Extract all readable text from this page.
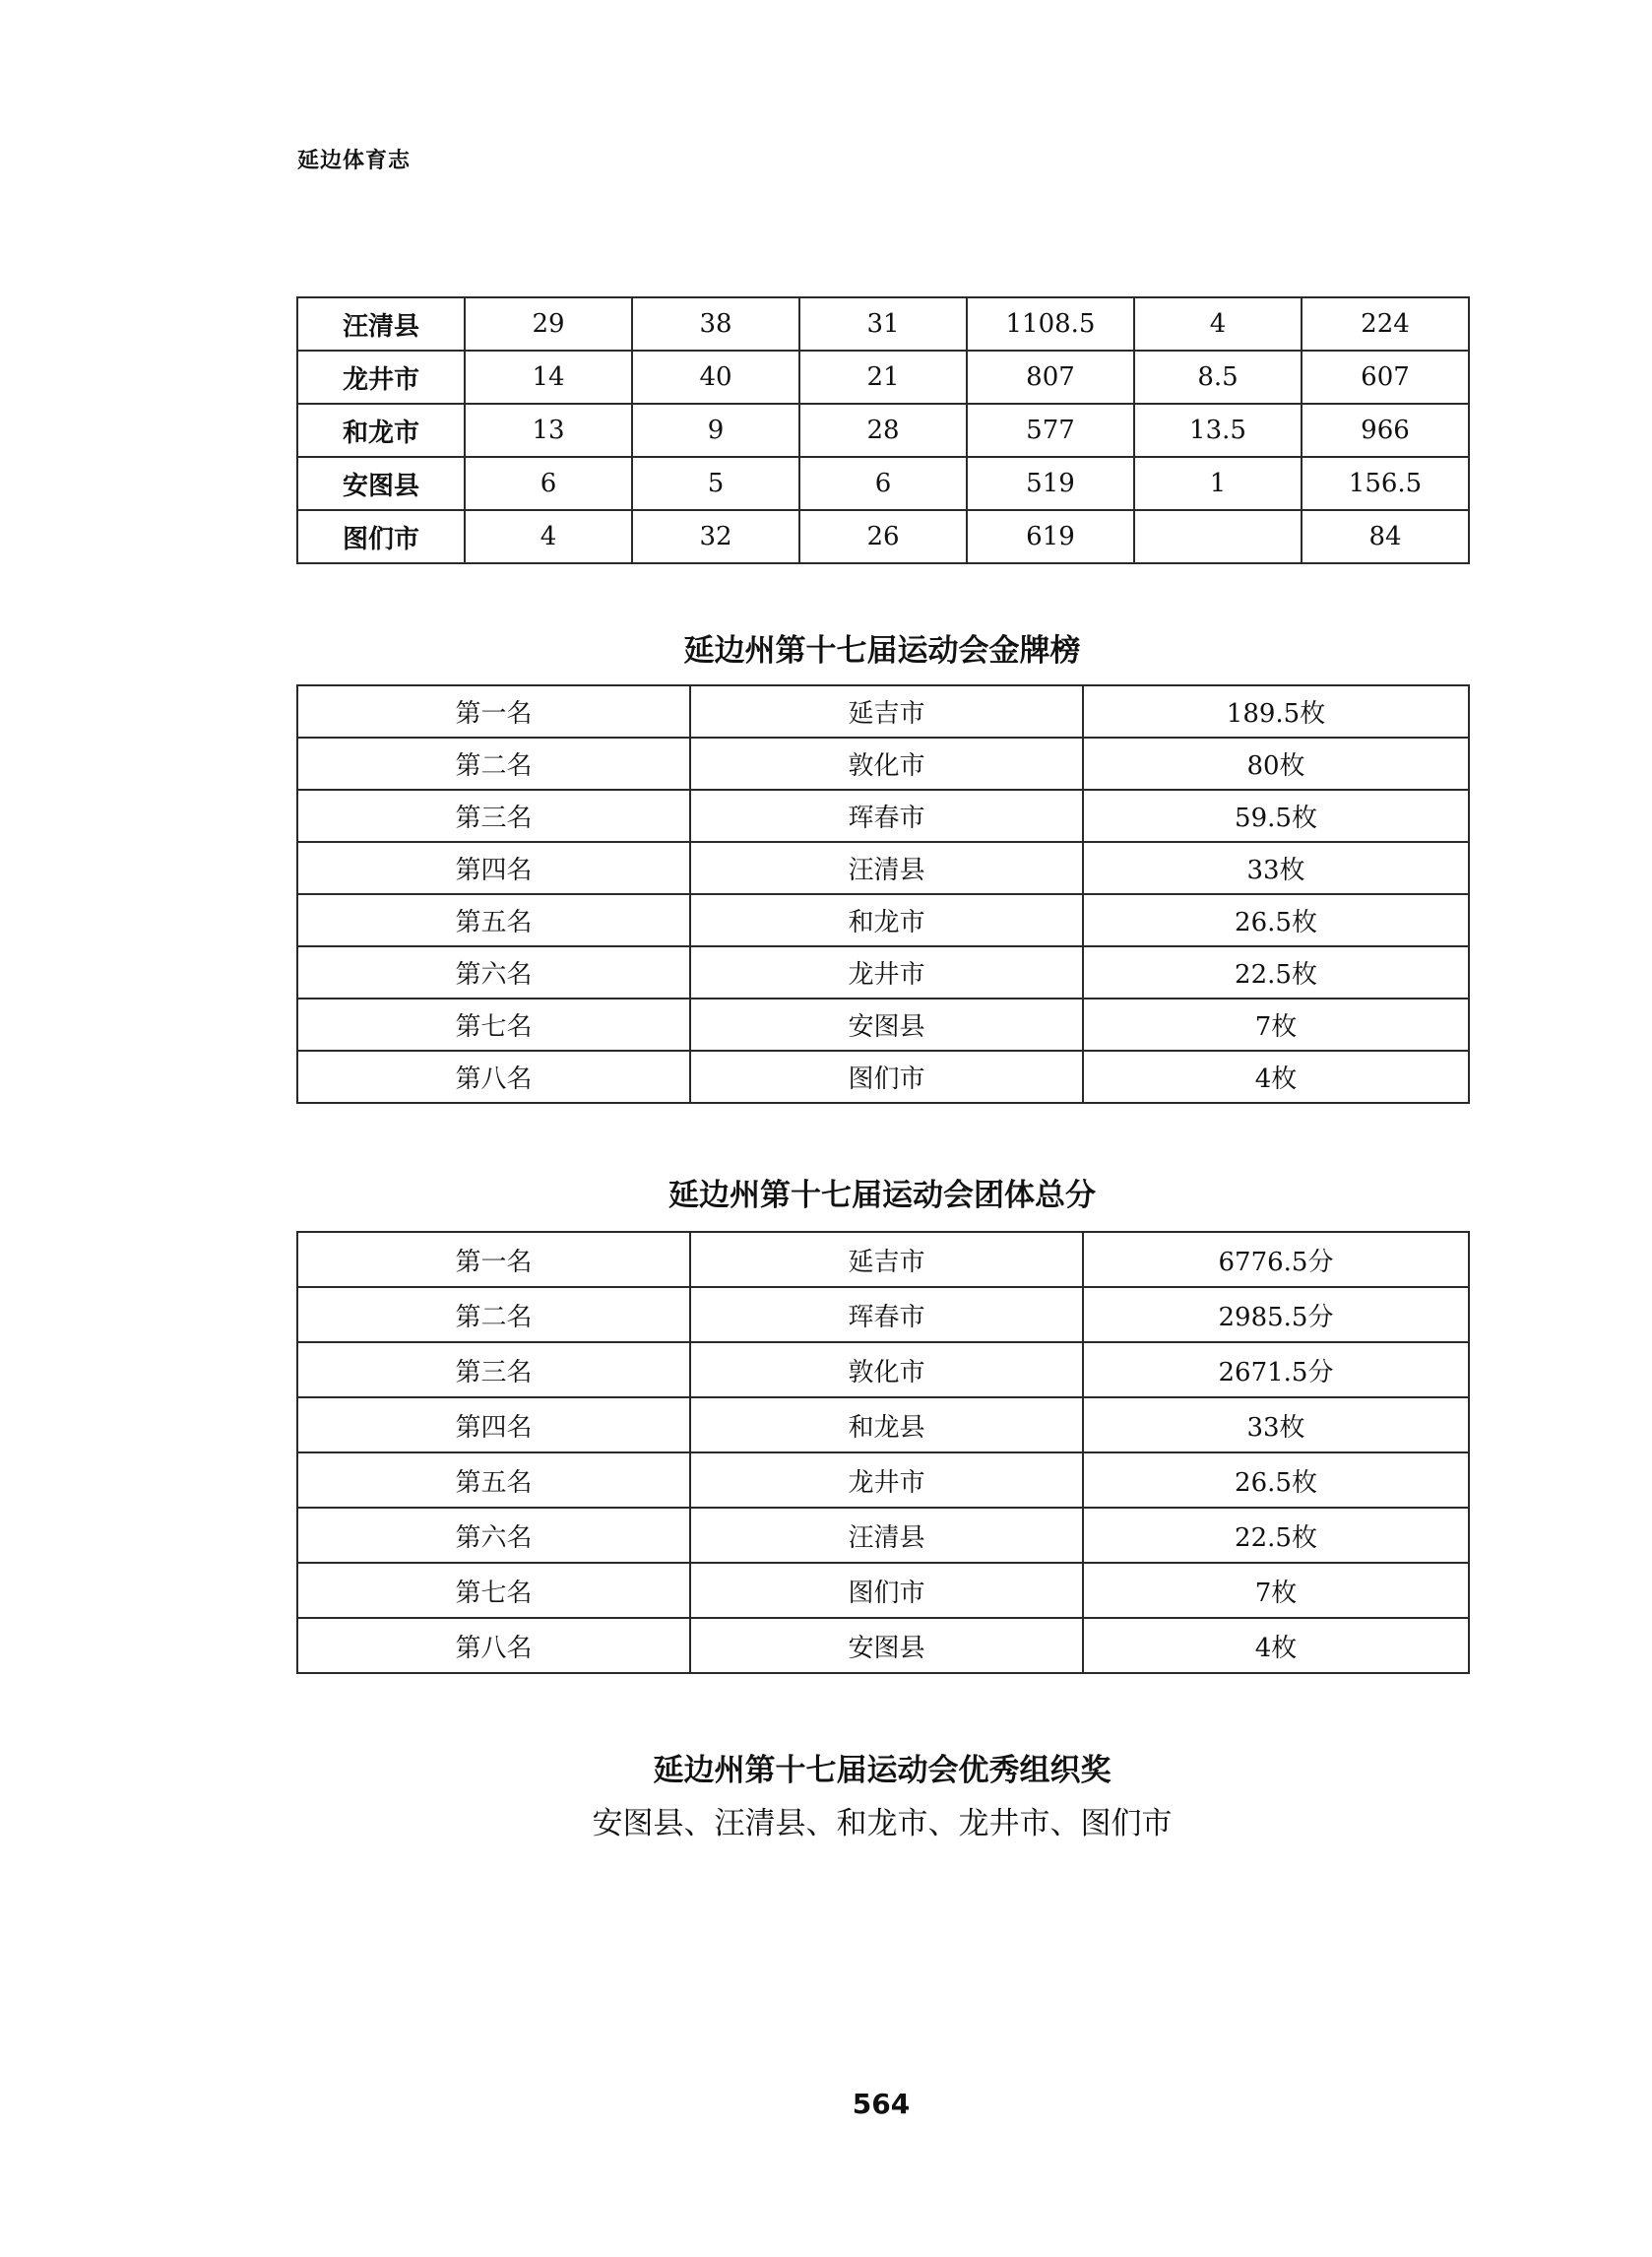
延边体育志
汪清县	29	38	31	1108.5	4	224
龙井市	14	40	21	807	8.5	607
和龙市	13	9	28	577	13.5	966
安图县	6	5	6	519	1	156.5
图们市	4	32	26	619		84
延边州第十七届运动会金牌榜
第一名	延吉市	189.5枚
第二名	敦化市	80枚
第三名	珲春市	59.5枚
第四名	汪清县	33枚
第五名	和龙市	26.5枚
第六名	龙井市	22.5枚
第七名	安图县	7枚
第八名	图们市	4枚
延边州第十七届运动会团体总分
第一名	延吉市	6776.5分
第二名	珲春市	2985.5分
第三名	敦化市	2671.5分
第四名	和龙县	33枚
第五名	龙井市	26.5枚
第六名	汪清县	22.5枚
第七名	图们市	7枚
第八名	安图县	4枚
延边州第十七届运动会优秀组织奖
安图县、汪清县、和龙市、龙井市、图们市
564
